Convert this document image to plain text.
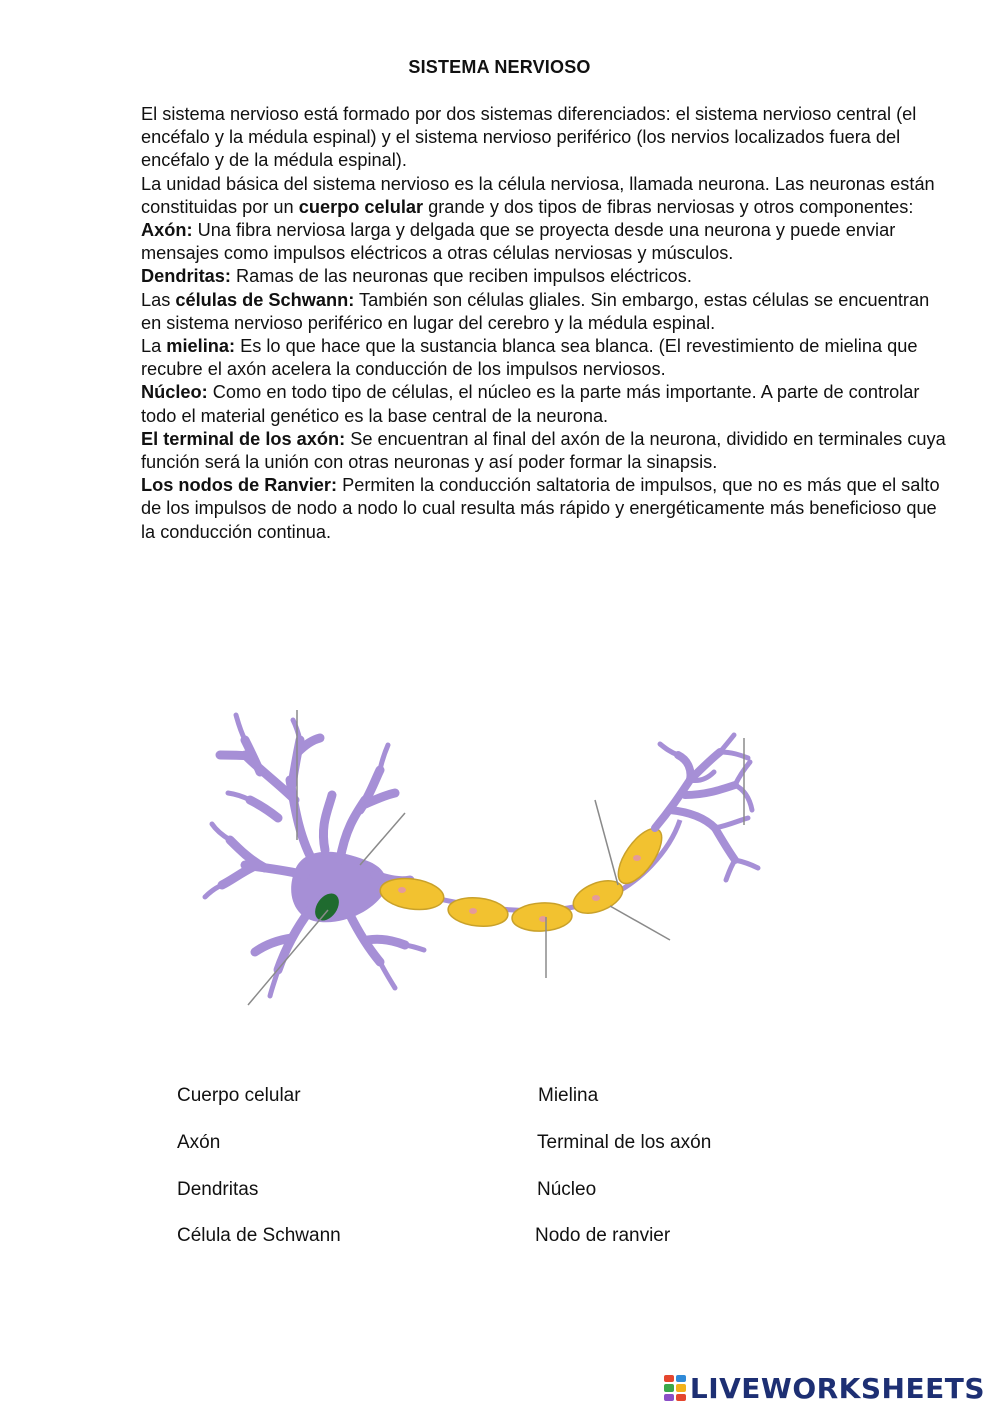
SISTEMA NERVIOSO

El sistema nervioso está formado por dos sistemas diferenciados: el sistema nervioso central (el encéfalo y la médula espinal) y el sistema nervioso periférico (los nervios localizados fuera del encéfalo y de la médula espinal).

La unidad básica del sistema nervioso es la célula nerviosa, llamada neurona. Las neuronas están constituidas por un cuerpo celular grande y dos tipos de fibras nerviosas y otros componentes:

Axón: Una fibra nerviosa larga y delgada que se proyecta desde una neurona y puede enviar mensajes como impulsos eléctricos a otras células nerviosas y músculos.

Dendritas: Ramas de las neuronas que reciben impulsos eléctricos.

Las células de Schwann: También son células gliales. Sin embargo, estas células se encuentran en sistema nervioso periférico en lugar del cerebro y la médula espinal.

La mielina: Es lo que hace que la sustancia blanca sea blanca. (El revestimiento de mielina que recubre el axón acelera la conducción de los impulsos nerviosos.

Núcleo: Como en todo tipo de células, el núcleo es la parte más importante. A parte de controlar todo el material genético es la base central de la neurona.

El terminal de los axón: Se encuentran al final del axón de la neurona, dividido en terminales cuya función será la unión con otras neuronas y así poder formar la sinapsis.

Los nodos de Ranvier: Permiten la conducción saltatoria de impulsos, que no es más que el salto de los impulsos de nodo a nodo lo cual resulta más rápido y energéticamente más beneficioso que la conducción continua.

Cuerpo celular
Axón
Dendritas
Célula de Schwann
Mielina
Terminal de los axón
Núcleo
Nodo de ranvier
LIVEWORKSHEETS
